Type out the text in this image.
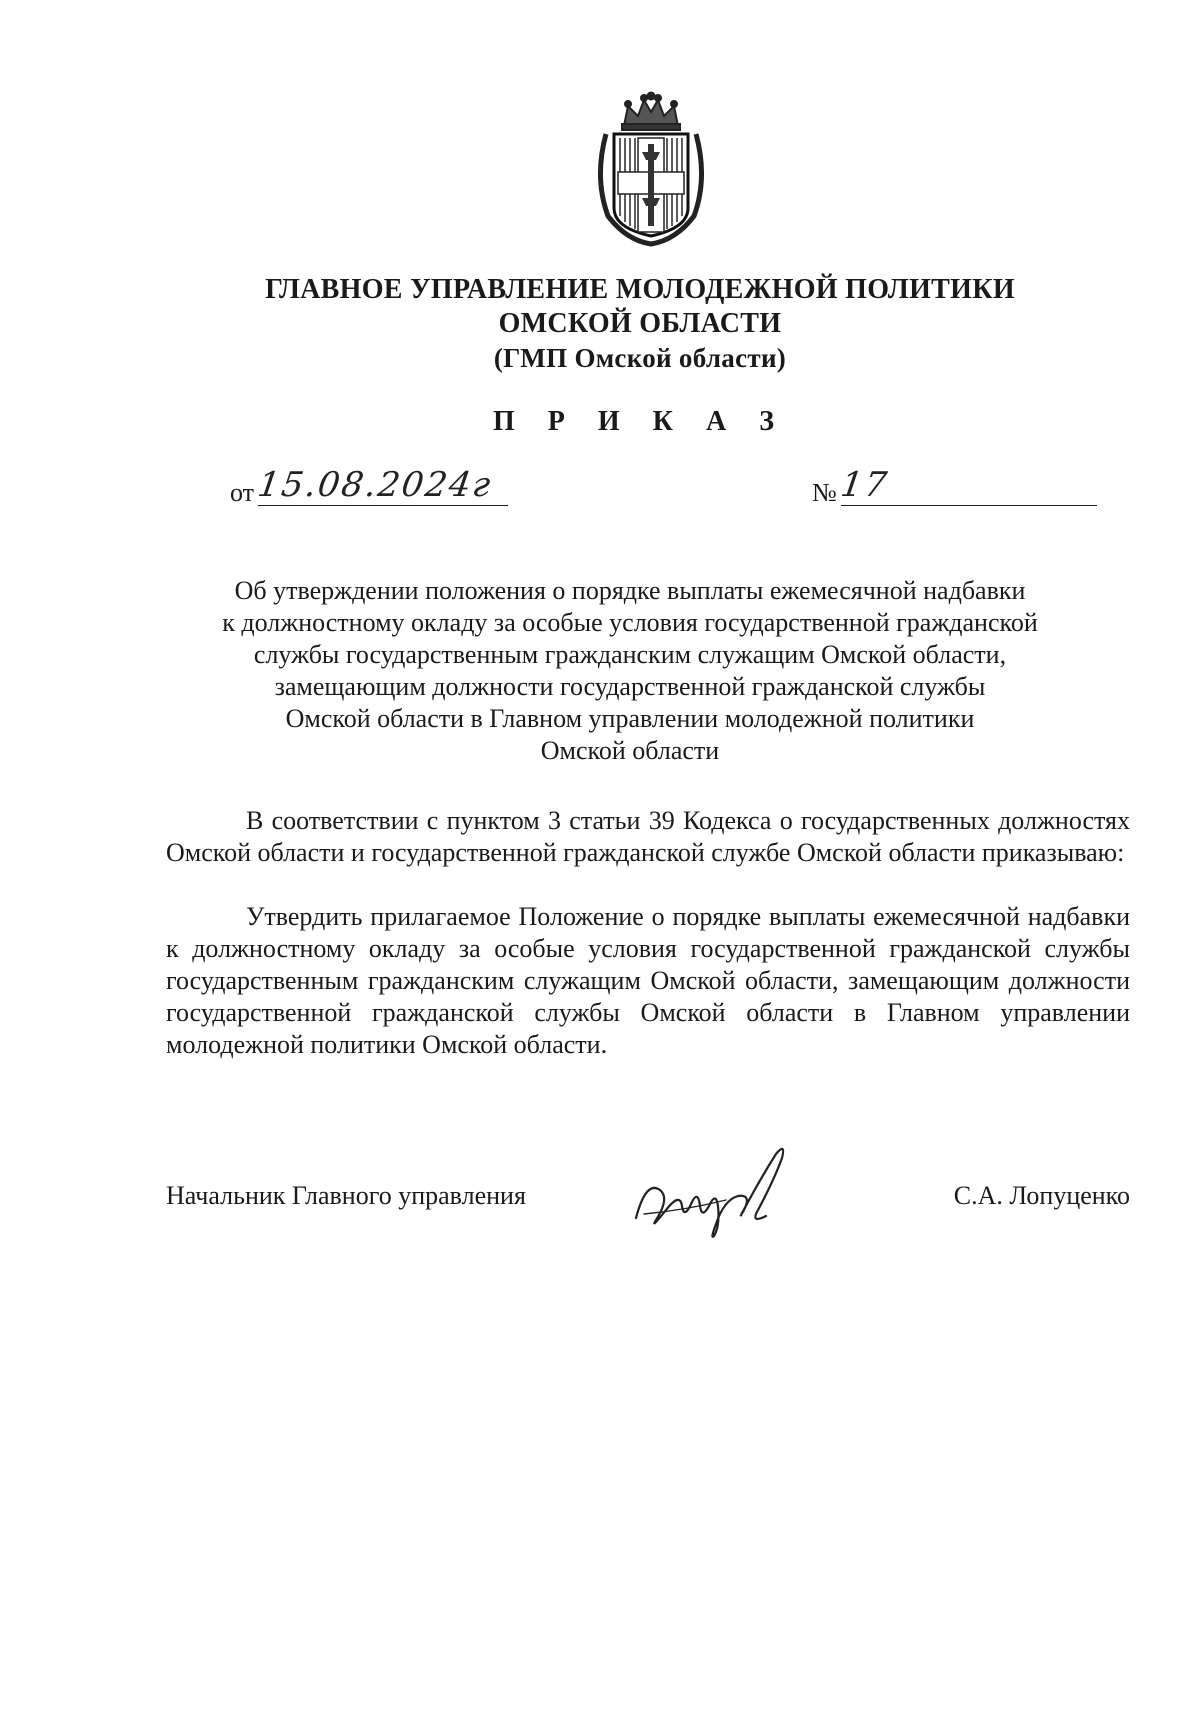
ГЛАВНОЕ УПРАВЛЕНИЕ МОЛОДЕЖНОЙ ПОЛИТИКИ
ОМСКОЙ ОБЛАСТИ
(ГМП Омской области)
П Р И К А З
от 15.08.2024г	№ 17
Об утверждении положения о порядке выплаты ежемесячной надбавки
к должностному окладу за особые условия государственной гражданской
службы государственным гражданским служащим Омской области,
замещающим должности государственной гражданской службы
Омской области в Главном управлении молодежной политики
Омской области
В соответствии с пунктом 3 статьи 39 Кодекса о государственных должностях Омской области и государственной гражданской службе Омской области приказываю:
Утвердить прилагаемое Положение о порядке выплаты ежемесячной надбавки к должностному окладу за особые условия государственной гражданской службы государственным гражданским служащим Омской области, замещающим должности государственной гражданской службы Омской области в Главном управлении молодежной политики Омской области.
Начальник Главного управления	С.А. Лопуценко
